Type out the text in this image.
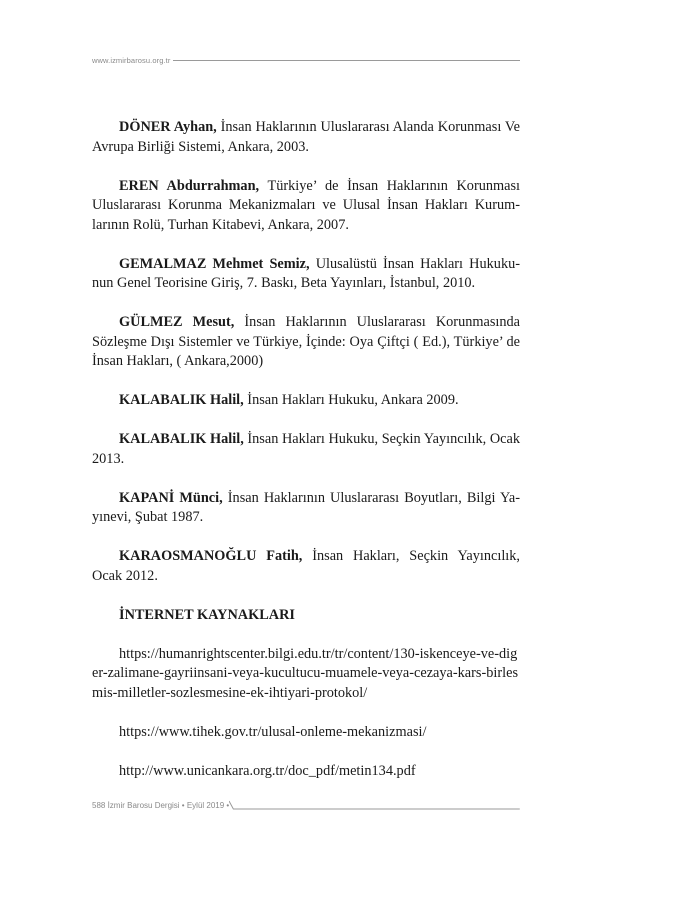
www.izmirbarosu.org.tr

DÖNER Ayhan, İnsan Haklarının Uluslararası Alanda Korunması Ve Avrupa Birliği Sistemi, Ankara, 2003.

EREN Abdurrahman, Türkiye’ de İnsan Haklarının Korunması Uluslararası Korunma Mekanizmaları ve Ulusal İnsan Hakları Kurum-larının Rolü, Turhan Kitabevi, Ankara, 2007.

GEMALMAZ Mehmet Semiz, Ulusalüstü İnsan Hakları Hukuku-nun Genel Teorisine Giriş, 7. Baskı, Beta Yayınları, İstanbul, 2010.

GÜLMEZ Mesut, İnsan Haklarının Uluslararası Korunmasında Sözleşme Dışı Sistemler ve Türkiye, İçinde: Oya Çiftçi ( Ed.), Türkiye’ de İnsan Hakları, ( Ankara,2000)

KALABALIK Halil, İnsan Hakları Hukuku, Ankara 2009.

KALABALIK Halil, İnsan Hakları Hukuku, Seçkin Yayıncılık, Ocak 2013.

KAPANİ Münci, İnsan Haklarının Uluslararası Boyutları, Bilgi Ya-yınevi, Şubat 1987.

KARAOSMANOĞLU Fatih, İnsan Hakları, Seçkin Yayıncılık, Ocak 2012.

İNTERNET KAYNAKLARI

https://humanrightscenter.bilgi.edu.tr/tr/content/130-iskenceye-ve-diger-zalimane-gayriinsani-veya-kucultucu-muamele-veya-cezaya-kars-birlesmis-milletler-sozlesmesine-ek-ihtiyari-protokol/

https://www.tihek.gov.tr/ulusal-onleme-mekanizmasi/

http://www.unicankara.org.tr/doc_pdf/metin134.pdf

588 İzmir Barosu Dergisi • Eylül 2019 •
